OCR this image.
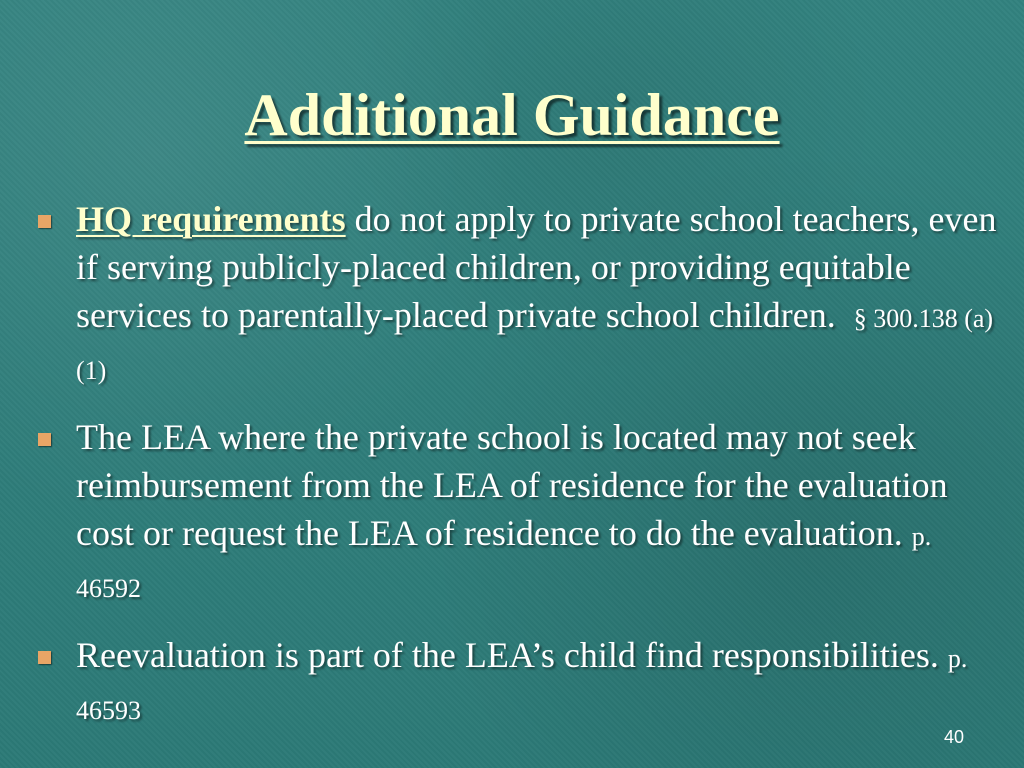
Additional Guidance
HQ requirements do not apply to private school teachers, even if serving publicly-placed children, or providing equitable services to parentally-placed private school children. § 300.138 (a)(1)
The LEA where the private school is located may not seek reimbursement from the LEA of residence for the evaluation cost or request the LEA of residence to do the evaluation. p. 46592
Reevaluation is part of the LEA’s child find responsibilities. p. 46593
40
